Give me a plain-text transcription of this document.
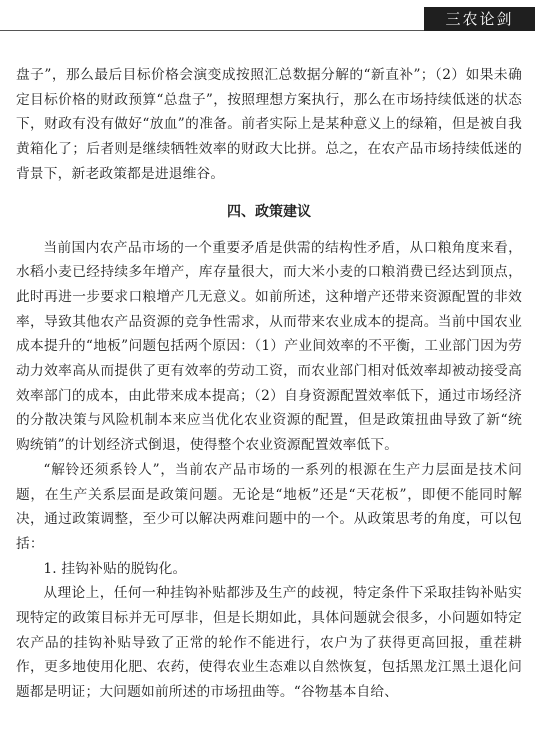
三农论剑

盘子”，那么最后目标价格会演变成按照汇总数据分解的“新直补”；（2）如果未确定目标价格的财政预算“总盘子”，按照理想方案执行，那么在市场持续低迷的状态下，财政有没有做好“放血”的准备。前者实际上是某种意义上的绿箱，但是被自我黄箱化了；后者则是继续牺牲效率的财政大比拼。总之，在农产品市场持续低迷的背景下，新老政策都是进退维谷。

四、政策建议

当前国内农产品市场的一个重要矛盾是供需的结构性矛盾，从口粮角度来看，水稻小麦已经持续多年增产，库存量很大，而大米小麦的口粮消费已经达到顶点，此时再进一步要求口粮增产几无意义。如前所述，这种增产还带来资源配置的非效率，导致其他农产品资源的竞争性需求，从而带来农业成本的提高。当前中国农业成本提升的“地板”问题包括两个原因：（1）产业间效率的不平衡，工业部门因为劳动力效率高从而提供了更有效率的劳动工资，而农业部门相对低效率却被动接受高效率部门的成本，由此带来成本提高；（2）自身资源配置效率低下，通过市场经济的分散决策与风险机制本来应当优化农业资源的配置，但是政策扭曲导致了新“统购统销”的计划经济式倒退，使得整个农业资源配置效率低下。

“解铃还须系铃人”，当前农产品市场的一系列的根源在生产力层面是技术问题，在生产关系层面是政策问题。无论是“地板”还是“天花板”，即便不能同时解决，通过政策调整，至少可以解决两难问题中的一个。从政策思考的角度，可以包括：

1. 挂钩补贴的脱钩化。

从理论上，任何一种挂钩补贴都涉及生产的歧视，特定条件下采取挂钩补贴实现特定的政策目标并无可厚非，但是长期如此，具体问题就会很多，小问题如特定农产品的挂钩补贴导致了正常的轮作不能进行，农户为了获得更高回报，重茬耕作，更多地使用化肥、农药，使得农业生态难以自然恢复，包括黑龙江黑土退化问题都是明证；大问题如前所述的市场扭曲等。“谷物基本自给、
